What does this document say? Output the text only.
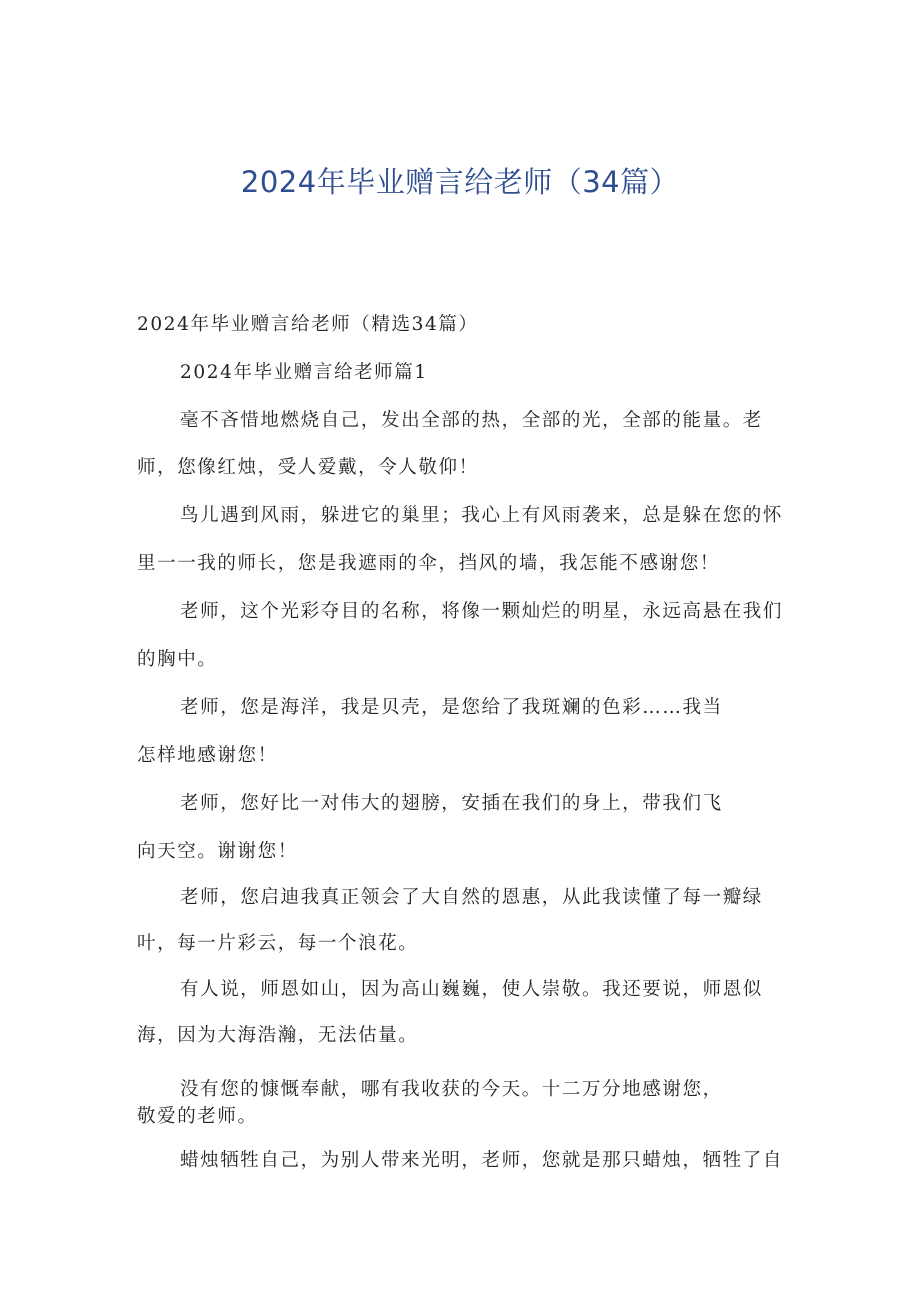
2024年毕业赠言给老师（34篇）
2024年毕业赠言给老师（精选34篇）
2024年毕业赠言给老师篇1
毫不吝惜地燃烧自己，发出全部的热，全部的光，全部的能量。老
师，您像红烛，受人爱戴，令人敬仰！
鸟儿遇到风雨，躲进它的巢里；我心上有风雨袭来，总是躲在您的怀
里一一我的师长，您是我遮雨的伞，挡风的墙，我怎能不感谢您！
老师，这个光彩夺目的名称，将像一颗灿烂的明星，永远高悬在我们
的胸中。
老师，您是海洋，我是贝壳，是您给了我斑斓的色彩……我当
怎样地感谢您！
老师，您好比一对伟大的翅膀，安插在我们的身上，带我们飞
向天空。谢谢您！
老师，您启迪我真正领会了大自然的恩惠，从此我读懂了每一瓣绿
叶，每一片彩云，每一个浪花。
有人说，师恩如山，因为高山巍巍，使人崇敬。我还要说，师恩似
海，因为大海浩瀚，无法估量。
没有您的慷慨奉献，哪有我收获的今天。十二万分地感谢您，
敬爱的老师。
蜡烛牺牲自己，为别人带来光明，老师，您就是那只蜡烛，牺牲了自
